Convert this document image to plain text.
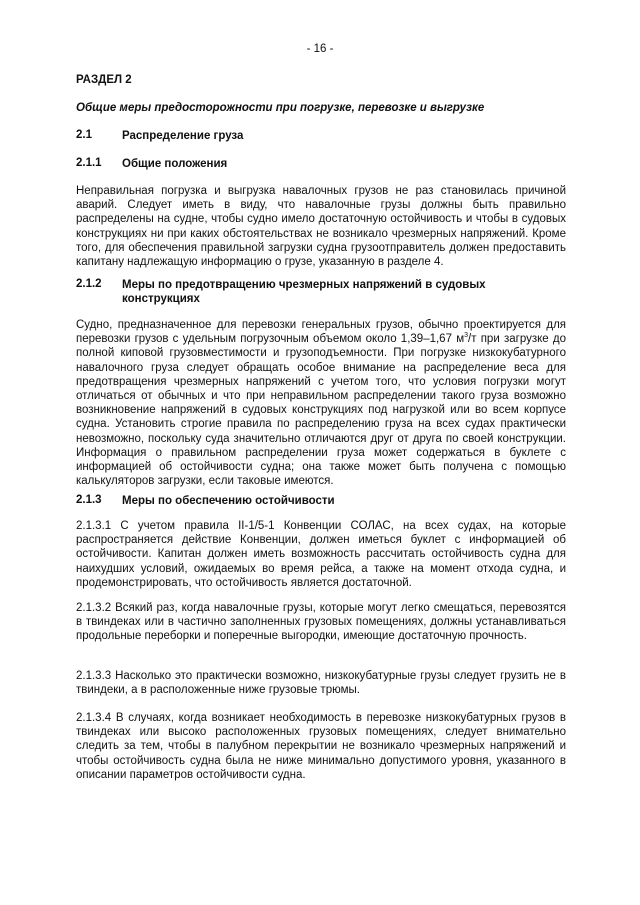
- 16 -
РАЗДЕЛ 2
Общие меры предосторожности при погрузке, перевозке и выгрузке
2.1	Распределение груза
2.1.1 Общие положения
Неправильная погрузка и выгрузка навалочных грузов не раз становилась причиной аварий. Следует иметь в виду, что навалочные грузы должны быть правильно распределены на судне, чтобы судно имело достаточную остойчивость и чтобы в судовых конструкциях ни при каких обстоятельствах не возникало чрезмерных напряжений. Кроме того, для обеспечения правильной загрузки судна грузоотправитель должен предоставить капитану надлежащую информацию о грузе, указанную в разделе 4.
2.1.2 Меры по предотвращению чрезмерных напряжений в судовых конструкциях
Судно, предназначенное для перевозки генеральных грузов, обычно проектируется для перевозки грузов с удельным погрузочным объемом около 1,39–1,67 $м^3/т$ при загрузке до полной киповой грузовместимости и грузоподъемности. При погрузке низкокубатурного навалочного груза следует обращать особое внимание на распределение веса для предотвращения чрезмерных напряжений с учетом того, что условия погрузки могут отличаться от обычных и что при неправильном распределении такого груза возможно возникновение напряжений в судовых конструкциях под нагрузкой или во всем корпусе судна. Установить строгие правила по распределению груза на всех судах практически невозможно, поскольку суда значительно отличаются друг от друга по своей конструкции. Информация о правильном распределении груза может содержаться в буклете с информацией об остойчивости судна; она также может быть получена с помощью калькуляторов загрузки, если таковые имеются.
2.1.3 Меры по обеспечению остойчивости
2.1.3.1 С учетом правила II-1/5-1 Конвенции СОЛАС, на всех судах, на которые распространяется действие Конвенции, должен иметься буклет с информацией об остойчивости. Капитан должен иметь возможность рассчитать остойчивость судна для наихудших условий, ожидаемых во время рейса, а также на момент отхода судна, и продемонстрировать, что остойчивость является достаточной.
2.1.3.2 Всякий раз, когда навалочные грузы, которые могут легко смещаться, перевозятся в твиндеках или в частично заполненных грузовых помещениях, должны устанавливаться продольные переборки и поперечные выгородки, имеющие достаточную прочность.
2.1.3.3 Насколько это практически возможно, низкокубатурные грузы следует грузить не в твиндеки, а в расположенные ниже грузовые трюмы.
2.1.3.4 В случаях, когда возникает необходимость в перевозке низкокубатурных грузов в твиндеках или высоко расположенных грузовых помещениях, следует внимательно следить за тем, чтобы в палубном перекрытии не возникало чрезмерных напряжений и чтобы остойчивость судна была не ниже минимально допустимого уровня, указанного в описании параметров остойчивости судна.
